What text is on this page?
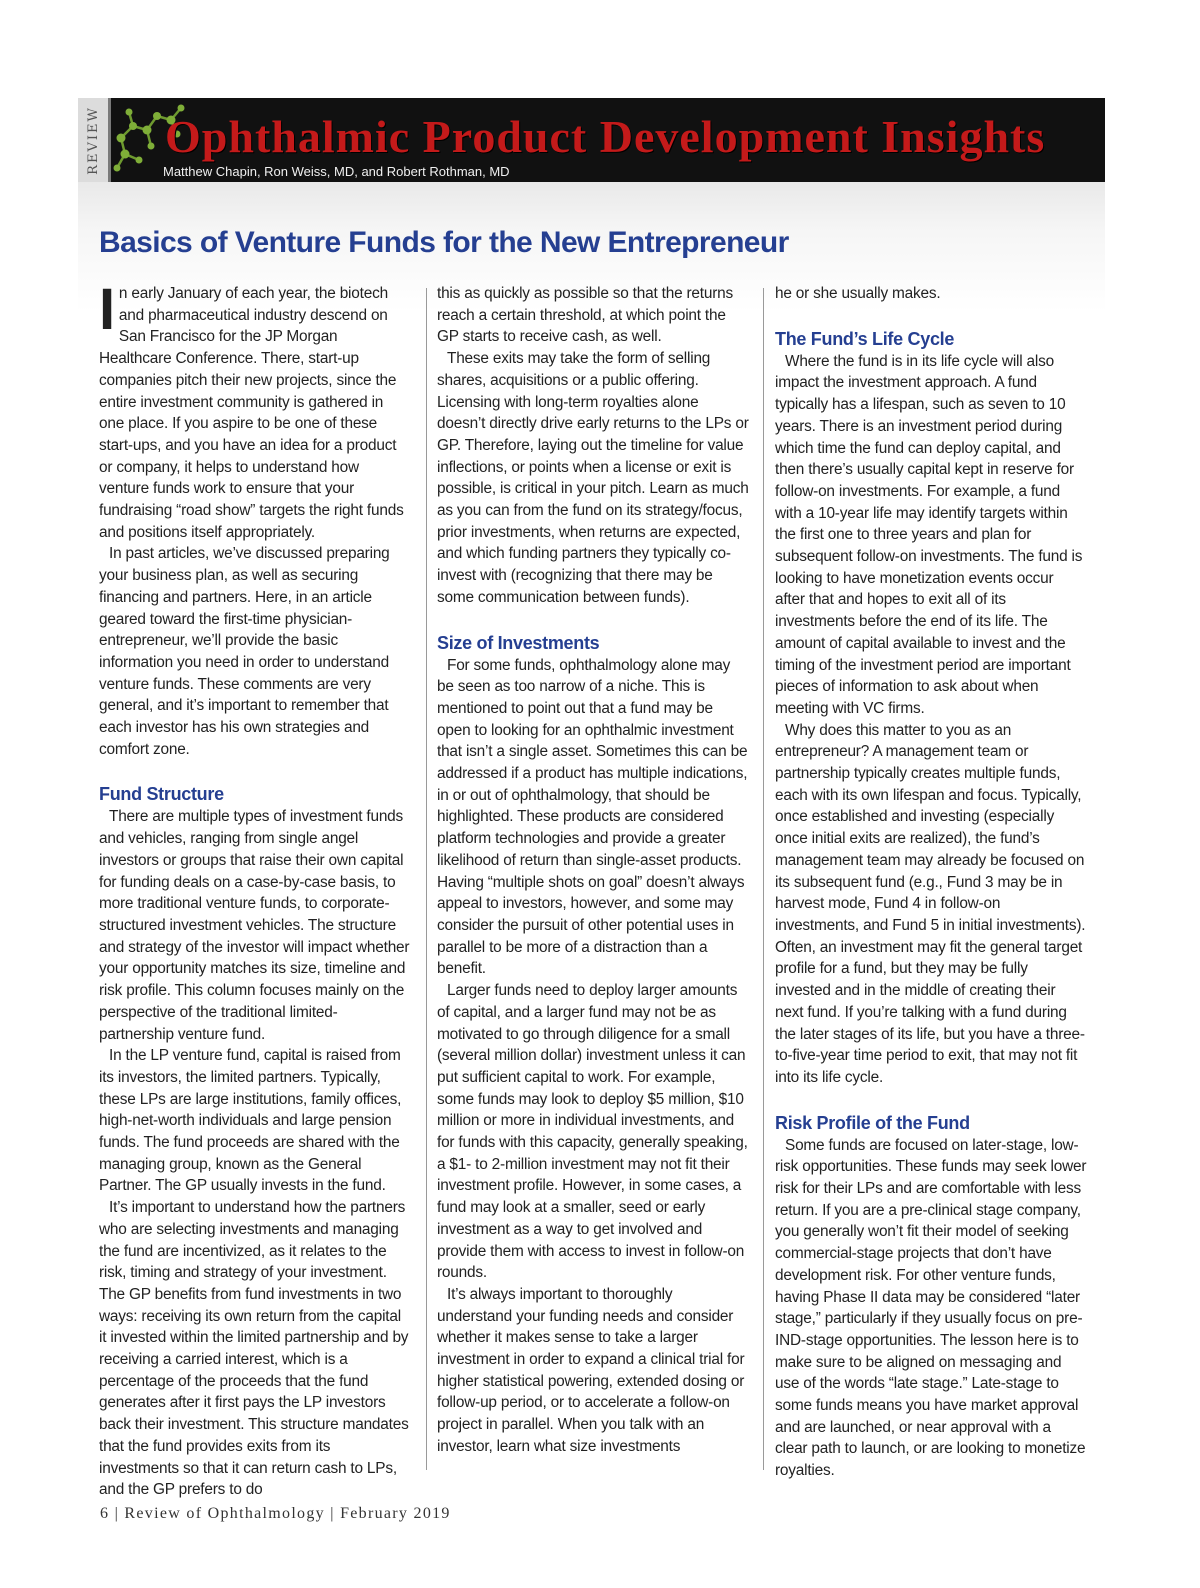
REVIEW Ophthalmic Product Development Insights
Matthew Chapin, Ron Weiss, MD, and Robert Rothman, MD
Basics of Venture Funds for the New Entrepreneur

In early January of each year, the biotech and pharmaceutical industry descend on San Francisco for the JP Morgan Healthcare Conference. There, start-up companies pitch their new projects, since the entire investment community is gathered in one place. If you aspire to be one of these start-ups, and you have an idea for a product or company, it helps to understand how venture funds work to ensure that your fundraising “road show” targets the right funds and positions itself appropriately.

In past articles, we’ve discussed preparing your business plan, as well as securing financing and partners. Here, in an article geared toward the first-time physician-entrepreneur, we’ll provide the basic information you need in order to understand venture funds. These comments are very general, and it’s important to remember that each investor has his own strategies and comfort zone.

Fund Structure

There are multiple types of investment funds and vehicles, ranging from single angel investors or groups that raise their own capital for funding deals on a case-by-case basis, to more traditional venture funds, to corporate-structured investment vehicles. The structure and strategy of the investor will impact whether your opportunity matches its size, timeline and risk profile. This column focuses mainly on the perspective of the traditional limited-partnership venture fund.

In the LP venture fund, capital is raised from its investors, the limited partners. Typically, these LPs are large institutions, family offices, high-net-worth individuals and large pension funds. The fund proceeds are shared with the managing group, known as the General Partner. The GP usually invests in the fund.

It’s important to understand how the partners who are selecting investments and managing the fund are incentivized, as it relates to the risk, timing and strategy of your investment. The GP benefits from fund investments in two ways: receiving its own return from the capital it invested within the limited partnership and by receiving a carried interest, which is a percentage of the proceeds that the fund generates after it first pays the LP investors back their investment. This structure mandates that the fund provides exits from its investments so that it can return cash to LPs, and the GP prefers to do

this as quickly as possible so that the returns reach a certain threshold, at which point the GP starts to receive cash, as well.

These exits may take the form of selling shares, acquisitions or a public offering. Licensing with long-term royalties alone doesn’t directly drive early returns to the LPs or GP. Therefore, laying out the timeline for value inflections, or points when a license or exit is possible, is critical in your pitch. Learn as much as you can from the fund on its strategy/focus, prior investments, when returns are expected, and which funding partners they typically co-invest with (recognizing that there may be some communication between funds).

Size of Investments

For some funds, ophthalmology alone may be seen as too narrow of a niche. This is mentioned to point out that a fund may be open to looking for an ophthalmic investment that isn’t a single asset. Sometimes this can be addressed if a product has multiple indications, in or out of ophthalmology, that should be highlighted. These products are considered platform technologies and provide a greater likelihood of return than single-asset products. Having “multiple shots on goal” doesn’t always appeal to investors, however, and some may consider the pursuit of other potential uses in parallel to be more of a distraction than a benefit.

Larger funds need to deploy larger amounts of capital, and a larger fund may not be as motivated to go through diligence for a small (several million dollar) investment unless it can put sufficient capital to work. For example, some funds may look to deploy $5 million, $10 million or more in individual investments, and for funds with this capacity, generally speaking, a $1- to 2-million investment may not fit their investment profile. However, in some cases, a fund may look at a smaller, seed or early investment as a way to get involved and provide them with access to invest in follow-on rounds.

It’s always important to thoroughly understand your funding needs and consider whether it makes sense to take a larger investment in order to expand a clinical trial for higher statistical powering, extended dosing or follow-up period, or to accelerate a follow-on project in parallel. When you talk with an investor, learn what size investments

he or she usually makes.

The Fund’s Life Cycle

Where the fund is in its life cycle will also impact the investment approach. A fund typically has a lifespan, such as seven to 10 years. There is an investment period during which time the fund can deploy capital, and then there’s usually capital kept in reserve for follow-on investments. For example, a fund with a 10-year life may identify targets within the first one to three years and plan for subsequent follow-on investments. The fund is looking to have monetization events occur after that and hopes to exit all of its investments before the end of its life. The amount of capital available to invest and the timing of the investment period are important pieces of information to ask about when meeting with VC firms.

Why does this matter to you as an entrepreneur? A management team or partnership typically creates multiple funds, each with its own lifespan and focus. Typically, once established and investing (especially once initial exits are realized), the fund’s management team may already be focused on its subsequent fund (e.g., Fund 3 may be in harvest mode, Fund 4 in follow-on investments, and Fund 5 in initial investments). Often, an investment may fit the general target profile for a fund, but they may be fully invested and in the middle of creating their next fund. If you’re talking with a fund during the later stages of its life, but you have a three-to-five-year time period to exit, that may not fit into its life cycle.

Risk Profile of the Fund

Some funds are focused on later-stage, low-risk opportunities. These funds may seek lower risk for their LPs and are comfortable with less return. If you are a pre-clinical stage company, you generally won’t fit their model of seeking commercial-stage projects that don’t have development risk. For other venture funds, having Phase II data may be considered “later stage,” particularly if they usually focus on pre-IND-stage opportunities. The lesson here is to make sure to be aligned on messaging and use of the words “late stage.” Late-stage to some funds means you have market approval and are launched, or near approval with a clear path to launch, or are looking to monetize royalties.

6 | Review of Ophthalmology | February 2019
